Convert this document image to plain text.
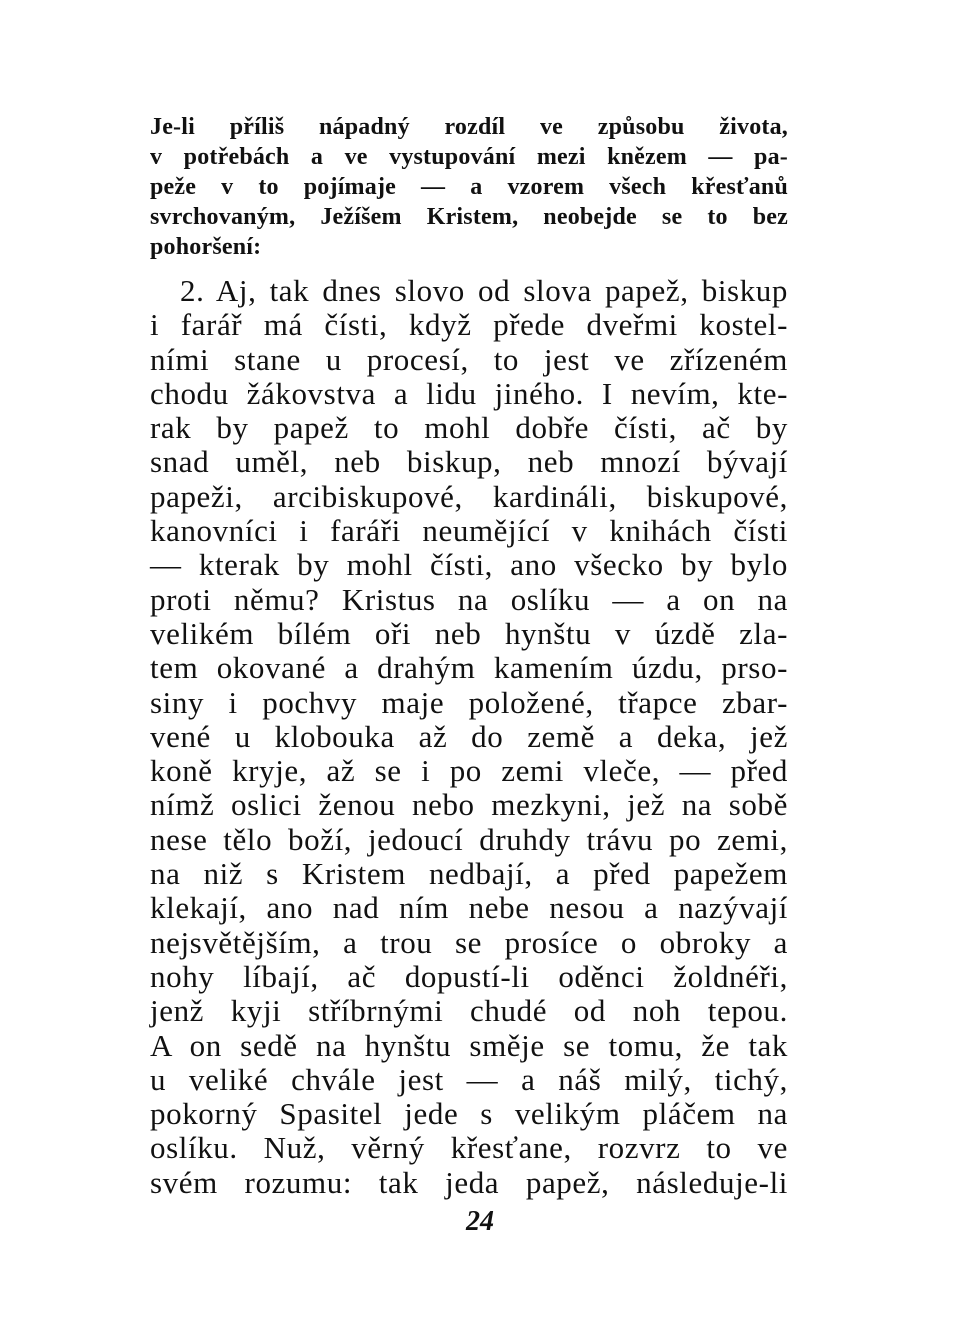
Je-li příliš nápadný rozdíl ve způsobu života,
v potřebách a ve vystupování mezi knězem — pa-
peže v to pojímaje — a vzorem všech křesťanů
svrchovaným, Ježíšem Kristem, neobejde se to bez
pohoršení:
2. Aj, tak dnes slovo od slova papež, biskup
i farář má čísti, když přede dveřmi kostel-
ními stane u procesí, to jest ve zřízeném
chodu žákovstva a lidu jiného. I nevím, kte-
rak by papež to mohl dobře čísti, ač by
snad uměl, neb biskup, neb mnozí bývají
papeži, arcibiskupové, kardináli, biskupové,
kanovníci i faráři neumějící v knihách čísti
— kterak by mohl čísti, ano všecko by bylo
proti němu? Kristus na oslíku — a on na
velikém bílém oři neb hynštu v úzdě zla-
tem okované a drahým kamením úzdu, prso-
siny i pochvy maje položené, třapce zbar-
vené u klobouka až do země a deka, jež
koně kryje, až se i po zemi vleče, — před
nímž oslici ženou nebo mezkyni, jež na sobě
nese tělo boží, jedoucí druhdy trávu po zemi,
na niž s Kristem nedbají, a před papežem
klekají, ano nad ním nebe nesou a nazývají
nejsvětějším, a trou se prosíce o obroky a
nohy líbají, ač dopustí-li oděnci žoldnéři,
jenž kyji stříbrnými chudé od noh tepou.
A on sedě na hynštu směje se tomu, že tak
u veliké chvále jest — a náš milý, tichý,
pokorný Spasitel jede s velikým pláčem na
oslíku. Nuž, věrný křesťane, rozvrz to ve
svém rozumu: tak jeda papež, následuje-li
24
